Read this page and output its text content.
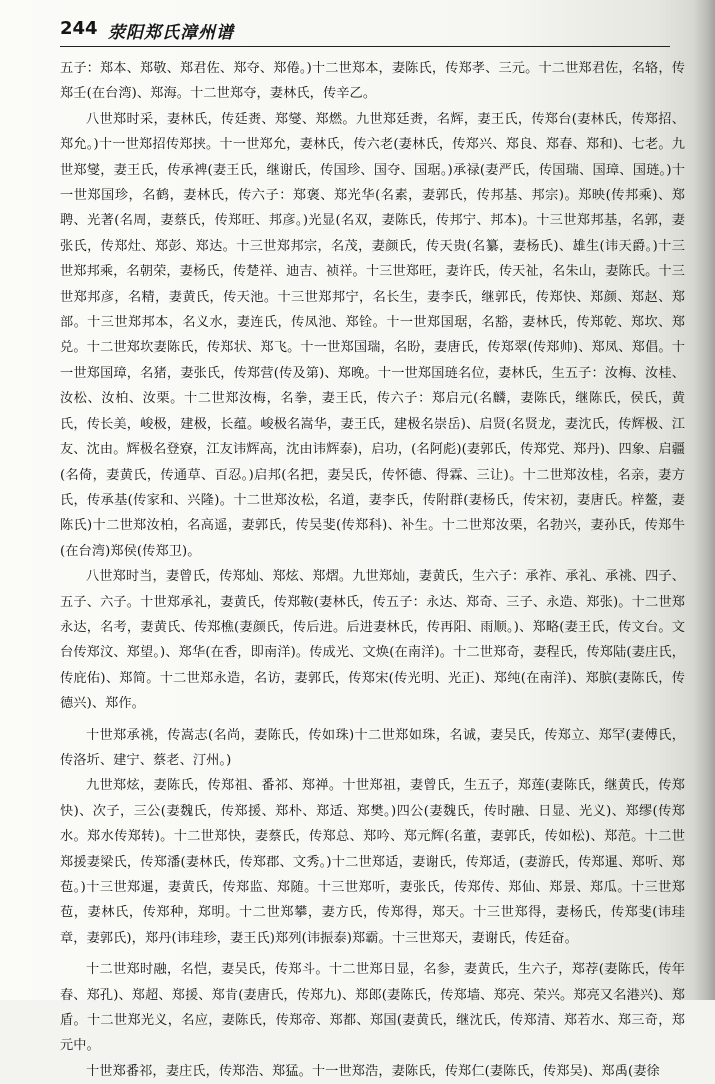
244 荥阳郑氏漳州谱

五子：郑本、郑敬、郑君佐、郑夺、郑倦。)十二世郑本，妻陈氏，传郑孝、三元。十二世郑君佐，名辂，传郑壬(在台湾)、郑海。十二世郑夺，妻林氏，传辛乙。

八世郑时采，妻林氏，传廷赉、郑燮、郑燃。九世郑廷赉，名辉，妻王氏，传郑台(妻林氏，传郑招、郑允。)十一世郑招传郑挟。十一世郑允，妻林氏，传六老(妻林氏，传郑兴、郑良、郑春、郑和)、七老。九世郑燮，妻王氏，传承裨(妻王氏，继谢氏，传国珍、国夺、国琚。)承禄(妻严氏，传国瑞、国璋、国琏。)十一世郑国珍，名鹤，妻林氏，传六子：郑褒、郑光华(名素，妻郭氏，传邦基、邦宗)。郑映(传邦乘)、郑聘、光著(名周，妻蔡氏，传郑旺、邦彦。)光显(名双，妻陈氏，传邦宁、邦本)。十三世郑邦基，名郭，妻张氏，传郑灶、郑彭、郑达。十三世郑邦宗，名茂，妻颜氏，传天贵(名纂，妻杨氏)、雄生(讳天爵。)十三世郑邦乘，名朝荣，妻杨氏，传楚祥、迪吉、祯祥。十三世郑旺，妻许氏，传天祉，名朱山，妻陈氏。十三世郑邦彦，名精，妻黄氏，传天池。十三世郑邦宁，名长生，妻李氏，继郭氏，传郑快、郑颜、郑赵、郑部。十三世郑邦本，名义水，妻连氏，传凤池、郑铨。十一世郑国琚，名豁，妻林氏，传郑乾、郑坎、郑兑。十二世郑坎妻陈氏，传郑状、郑飞。十一世郑国瑞，名盼，妻唐氏，传郑翠(传郑帅)、郑凤、郑倡。十一世郑国璋，名猪，妻张氏，传郑营(传及第)、郑晚。十一世郑国琏名位，妻林氏，生五子：汝梅、汝桂、汝松、汝柏、汝栗。十二世郑汝梅，名拳，妻王氏，传六子：郑启元(名麟，妻陈氏，继陈氏，侯氏，黄氏，传长美，峻极，建极，长蕴。峻极名嵩华，妻王氏，建极名崇岳)、启贤(名贤龙，妻沈氏，传辉极、江友、沈由。辉极名登寮，江友讳辉高，沈由讳辉泰)，启功，(名阿彪)(妻郭氏，传郑党、郑丹)、四象、启疆(名倚，妻黄氏，传通草、百忍。)启邦(名把，妻吴氏，传怀德、得霖、三让)。十二世郑汝桂，名亲，妻方氏，传承基(传家和、兴隆)。十二世郑汝松，名道，妻李氏，传附群(妻杨氏，传宋初，妻唐氏。梓鳌，妻陈氏)十二世郑汝柏，名高遥，妻郭氏，传吴斐(传郑科)、补生。十二世郑汝栗，名勃兴，妻孙氏，传郑牛(在台湾)郑侯(传郑卫)。

八世郑时当，妻曾氏，传郑灿、郑炫、郑熠。九世郑灿，妻黄氏，生六子：承祚、承礼、承祧、四子、五子、六子。十世郑承礼，妻黄氏，传郑鞍(妻林氏，传五子：永达、郑奇、三子、永造、郑张)。十二世郑永达，名考，妻黄氏、传郑樵(妻颜氏，传后进。后进妻林氏，传再阳、雨顺。)、郑略(妻王氏，传文台。文台传郑汶、郑望。)、郑华(在香，即南洋)。传成光、文焕(在南洋)。十二世郑奇，妻程氏，传郑陆(妻庄氏，传庇佑)、郑简。十二世郑永造，名访，妻郭氏，传郑宋(传光明、光正)、郑纯(在南洋)、郑膑(妻陈氏，传德兴)、郑作。

十世郑承祧，传嵩志(名尚，妻陈氏，传如珠)十二世郑如珠，名诚，妻吴氏，传郑立、郑罕(妻傅氏，传洛圻、建宁、蔡老、汀州。)

九世郑炫，妻陈氏，传郑祖、番祁、郑禅。十世郑祖，妻曾氏，生五子，郑莲(妻陈氏，继黄氏，传郑快)、次子，三公(妻魏氏，传郑援、郑朴、郑适、郑樊。)四公(妻魏氏，传时融、日显、光义)、郑缪(传郑水。郑水传郑转)。十二世郑快，妻蔡氏，传郑总、郑吟、郑元辉(名董，妻郭氏，传如松)、郑范。十二世郑援妻梁氏，传郑潘(妻林氏，传郑郡、文秀。)十二世郑适，妻谢氏，传郑适，(妻游氏，传郑暹、郑听、郑苞。)十三世郑暹，妻黄氏，传郑监、郑随。十三世郑听，妻张氏，传郑传、郑仙、郑景、郑瓜。十三世郑苞，妻林氏，传郑种，郑明。十二世郑攀，妻方氏，传郑得，郑天。十三世郑得，妻杨氏，传郑斐(讳珪章，妻郭氏)，郑丹(讳珪珍，妻王氏)郑列(讳振泰)郑霸。十三世郑天，妻谢氏，传廷奋。

十二世郑时融，名恺，妻吴氏，传郑斗。十二世郑日显，名参，妻黄氏，生六子，郑荐(妻陈氏，传年春、郑孔)、郑超、郑援、郑肯(妻唐氏，传郑九)、郑郎(妻陈氏，传郑墙、郑亮、荣兴。郑亮又名港兴)、郑盾。十二世郑光义，名应，妻陈氏，传郑帝、郑都、郑国(妻黄氏，继沈氏，传郑清、郑若水、郑三奇，郑元中。

十世郑番祁，妻庄氏，传郑浩、郑猛。十一世郑浩，妻陈氏，传郑仁(妻陈氏，传郑吴)、郑禹(妻徐
